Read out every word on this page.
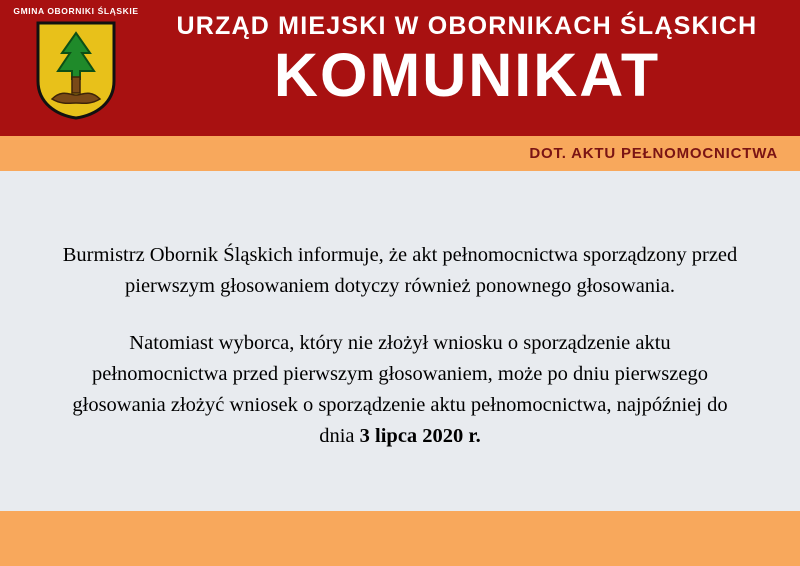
GMINA OBORNIKI ŚLĄSKIE
URZĄD MIEJSKI W OBORNIKACH ŚLĄSKICH
KOMUNIKAT
DOT. AKTU PEŁNOMOCNICTWA

Burmistrz Obornik Śląskich informuje, że akt pełnomocnictwa sporządzony przed pierwszym głosowaniem dotyczy również ponownego głosowania.

Natomiast wyborca, który nie złożył wniosku o sporządzenie aktu pełnomocnictwa przed pierwszym głosowaniem, może po dniu pierwszego głosowania złożyć wniosek o sporządzenie aktu pełnomocnictwa, najpóźniej do dnia 3 lipca 2020 r.
